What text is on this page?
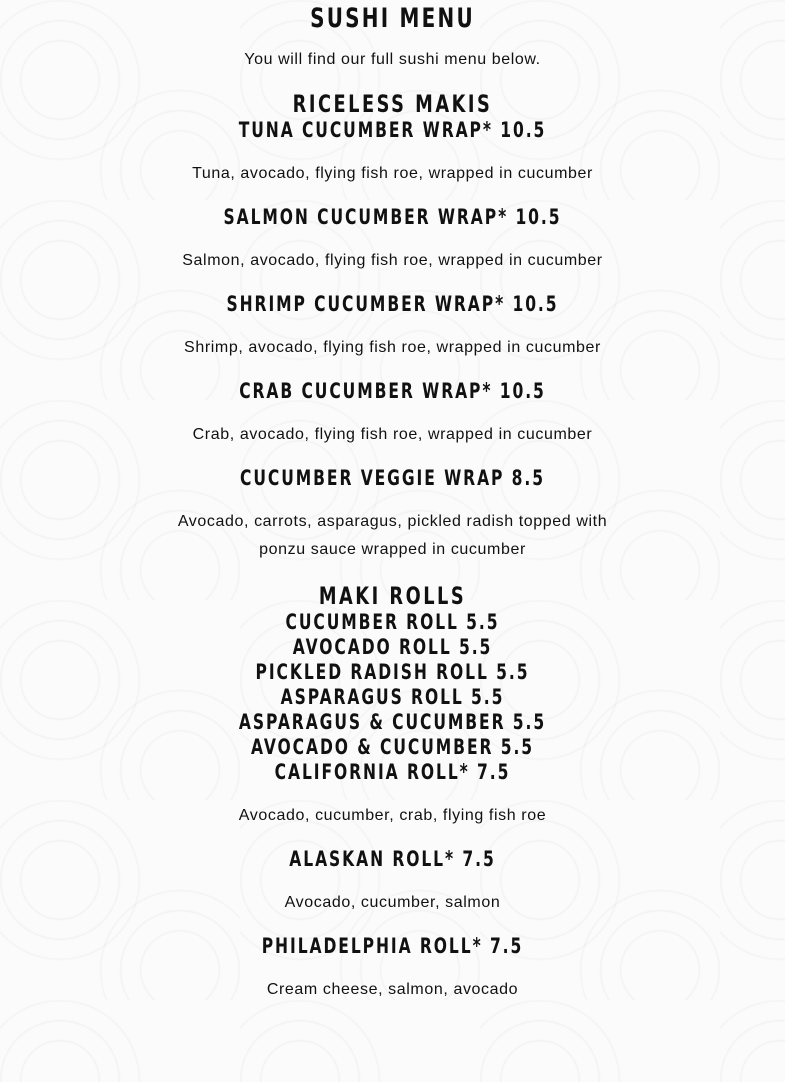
SUSHI MENU
You will find our full sushi menu below.
RICELESS MAKIS
TUNA CUCUMBER WRAP* 10.5
Tuna, avocado, flying fish roe, wrapped in cucumber
SALMON CUCUMBER WRAP* 10.5
Salmon, avocado, flying fish roe, wrapped in cucumber
SHRIMP CUCUMBER WRAP* 10.5
Shrimp, avocado, flying fish roe, wrapped in cucumber
CRAB CUCUMBER WRAP* 10.5
Crab, avocado, flying fish roe, wrapped in cucumber
CUCUMBER VEGGIE WRAP 8.5
Avocado, carrots, asparagus, pickled radish topped with ponzu sauce wrapped in cucumber
MAKI ROLLS
CUCUMBER ROLL 5.5
AVOCADO ROLL 5.5
PICKLED RADISH ROLL 5.5
ASPARAGUS ROLL 5.5
ASPARAGUS & CUCUMBER 5.5
AVOCADO & CUCUMBER 5.5
CALIFORNIA ROLL* 7.5
Avocado, cucumber, crab, flying fish roe
ALASKAN ROLL* 7.5
Avocado, cucumber, salmon
PHILADELPHIA ROLL* 7.5
Cream cheese, salmon, avocado
